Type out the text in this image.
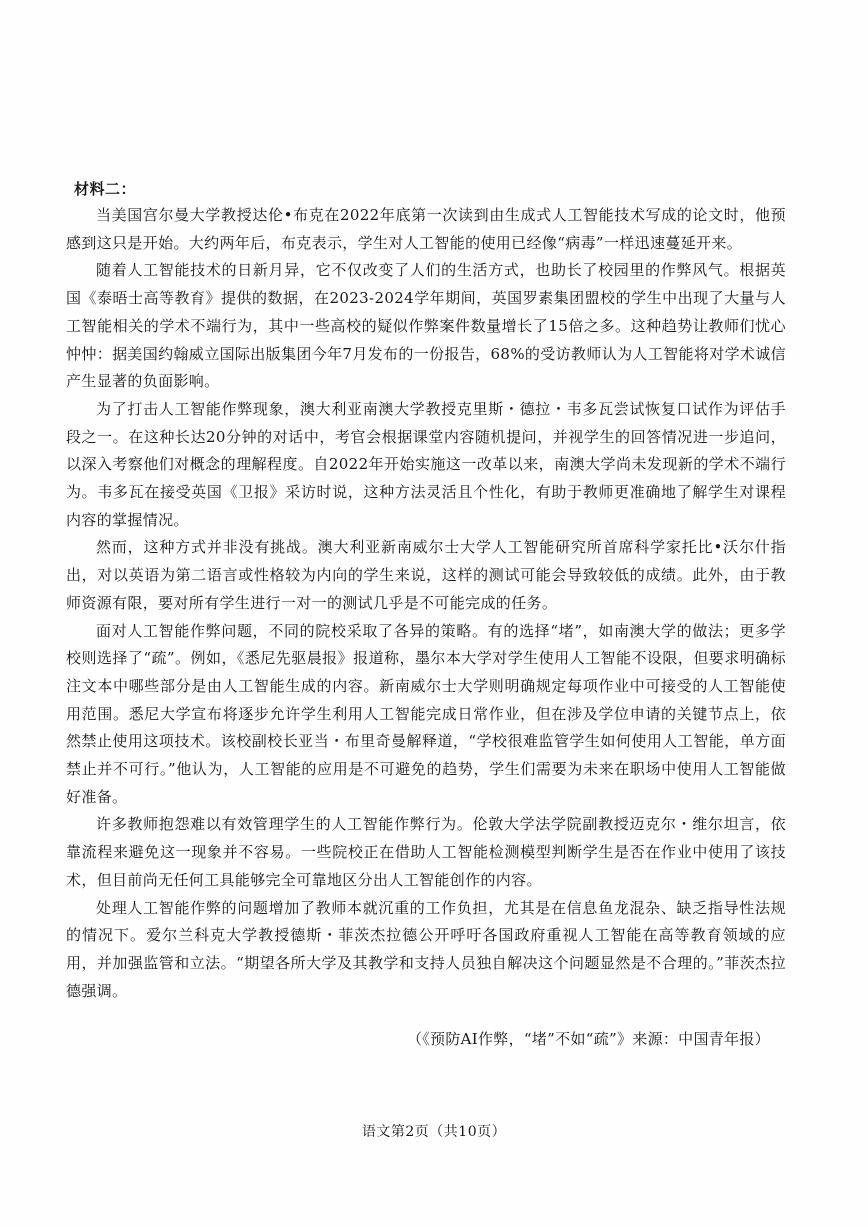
材料二：

当美国宫尔曼大学教授达伦•布克在2022年底第一次读到由生成式人工智能技术写成的论文时，他预感到这只是开始。大约两年后，布克表示，学生对人工智能的使用已经像“病毒”一样迅速蔓延开来。

随着人工智能技术的日新月异，它不仅改变了人们的生活方式，也助长了校园里的作弊风气。根据英国《泰晤士高等教育》提供的数据，在2023-2024学年期间，英国罗素集团盟校的学生中出现了大量与人工智能相关的学术不端行为，其中一些高校的疑似作弊案件数量增长了15倍之多。这种趋势让教师们忧心忡忡：据美国约翰威立国际出版集团今年7月发布的一份报告，68%的受访教师认为人工智能将对学术诚信产生显著的负面影响。

为了打击人工智能作弊现象，澳大利亚南澳大学教授克里斯・德拉・韦多瓦尝试恢复口试作为评估手段之一。在这种长达20分钟的对话中，考官会根据课堂内容随机提问，并视学生的回答情况进一步追问，以深入考察他们对概念的理解程度。自2022年开始实施这一改革以来，南澳大学尚未发现新的学术不端行为。韦多瓦在接受英国《卫报》采访时说，这种方法灵活且个性化，有助于教师更准确地了解学生对课程内容的掌握情况。

然而，这种方式并非没有挑战。澳大利亚新南威尔士大学人工智能研究所首席科学家托比•沃尔什指出，对以英语为第二语言或性格较为内向的学生来说，这样的测试可能会导致较低的成绩。此外，由于教师资源有限，要对所有学生进行一对一的测试几乎是不可能完成的任务。

面对人工智能作弊问题，不同的院校采取了各异的策略。有的选择“堵”，如南澳大学的做法；更多学校则选择了“疏”。例如，《悉尼先驱晨报》报道称，墨尔本大学对学生使用人工智能不设限，但要求明确标注文本中哪些部分是由人工智能生成的内容。新南威尔士大学则明确规定每项作业中可接受的人工智能使用范围。悉尼大学宣布将逐步允许学生利用人工智能完成日常作业，但在涉及学位申请的关键节点上，依然禁止使用这项技术。该校副校长亚当・布里奇曼解释道，“学校很难监管学生如何使用人工智能，单方面禁止并不可行。”他认为，人工智能的应用是不可避免的趋势，学生们需要为未来在职场中使用人工智能做好准备。

许多教师抱怨难以有效管理学生的人工智能作弊行为。伦敦大学法学院副教授迈克尔・维尔坦言，依靠流程来避免这一现象并不容易。一些院校正在借助人工智能检测模型判断学生是否在作业中使用了该技术，但目前尚无任何工具能够完全可靠地区分出人工智能创作的内容。

处理人工智能作弊的问题增加了教师本就沉重的工作负担，尤其是在信息鱼龙混杂、缺乏指导性法规的情况下。爱尔兰科克大学教授德斯・菲茨杰拉德公开呼吁各国政府重视人工智能在高等教育领域的应用，并加强监管和立法。“期望各所大学及其教学和支持人员独自解决这个问题显然是不合理的。”菲茨杰拉德强调。

（《预防AI作弊，“堵”不如“疏”》来源：中国青年报）
语文第2页（共10页）
